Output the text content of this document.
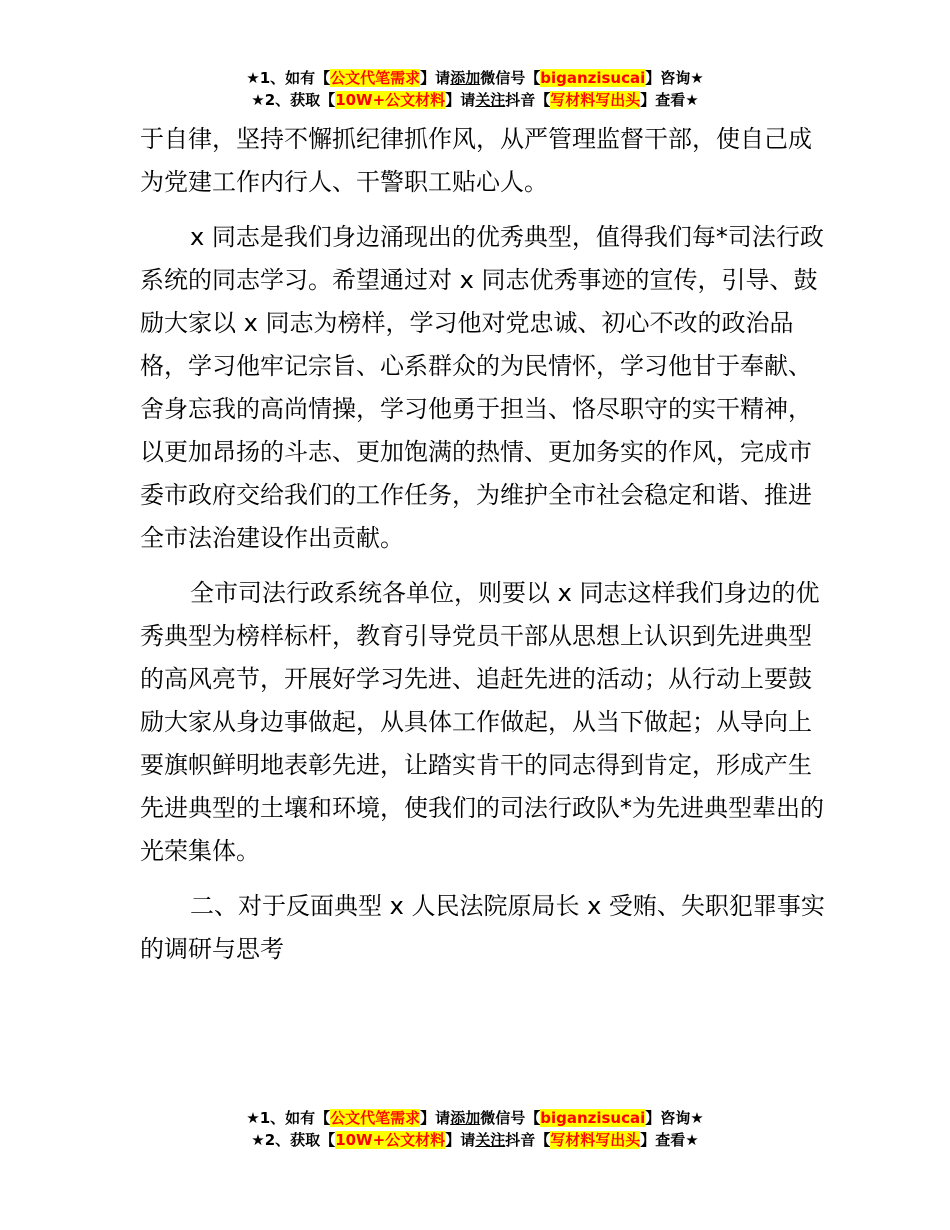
★1、如有【公文代笔需求】请添加微信号【biganzisucai】咨询★
★2、获取【10W+公文材料】请关注抖音【写材料写出头】查看★

于自律，坚持不懈抓纪律抓作风，从严管理监督干部，使自己成为党建工作内行人、干警职工贴心人。

x 同志是我们身边涌现出的优秀典型，值得我们每*司法行政系统的同志学习。希望通过对 x 同志优秀事迹的宣传，引导、鼓励大家以 x 同志为榜样，学习他对党忠诚、初心不改的政治品格，学习他牢记宗旨、心系群众的为民情怀，学习他甘于奉献、舍身忘我的高尚情操，学习他勇于担当、恪尽职守的实干精神，以更加昂扬的斗志、更加饱满的热情、更加务实的作风，完成市委市政府交给我们的工作任务，为维护全市社会稳定和谐、推进全市法治建设作出贡献。

全市司法行政系统各单位，则要以 x 同志这样我们身边的优秀典型为榜样标杆，教育引导党员干部从思想上认识到先进典型的高风亮节，开展好学习先进、追赶先进的活动；从行动上要鼓励大家从身边事做起，从具体工作做起，从当下做起；从导向上要旗帜鲜明地表彰先进，让踏实肯干的同志得到肯定，形成产生先进典型的土壤和环境，使我们的司法行政队*为先进典型辈出的光荣集体。

二、对于反面典型 x 人民法院原局长 x 受贿、失职犯罪事实的调研与思考

★1、如有【公文代笔需求】请添加微信号【biganzisucai】咨询★
★2、获取【10W+公文材料】请关注抖音【写材料写出头】查看★
